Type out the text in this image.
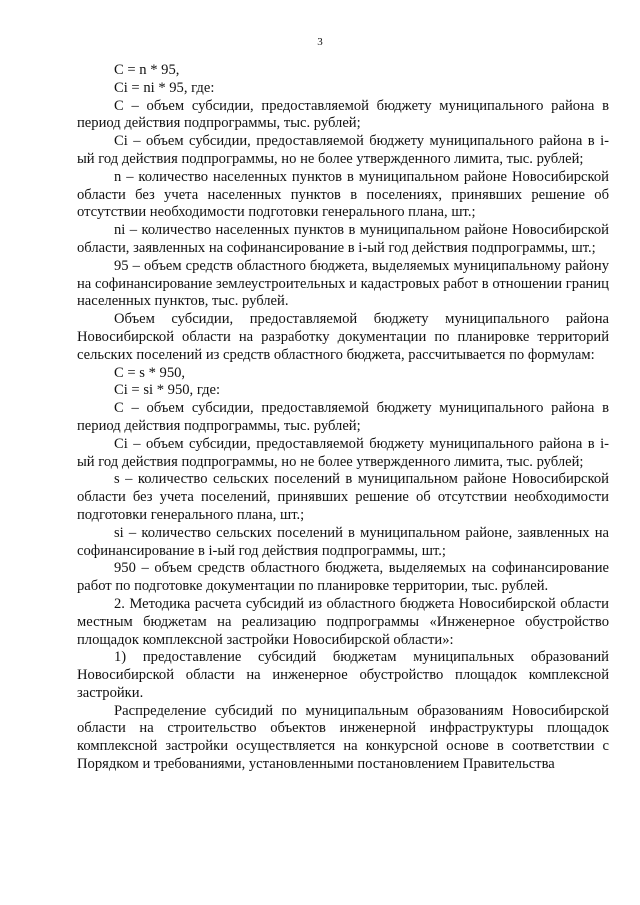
3

C = n * 95,

Ci = ni * 95, где:

C – объем субсидии, предоставляемой бюджету муниципального района в период действия подпрограммы, тыс. рублей;

Ci – объем субсидии, предоставляемой бюджету муниципального района в i-ый год действия подпрограммы, но не более утвержденного лимита, тыс. рублей;

n – количество населенных пунктов в муниципальном районе Новосибирской области без учета населенных пунктов в поселениях, принявших решение об отсутствии необходимости подготовки генерального плана, шт.;

ni – количество населенных пунктов в муниципальном районе Новосибирской области, заявленных на софинансирование в i-ый год действия подпрограммы, шт.;

95 – объем средств областного бюджета, выделяемых муниципальному району на софинансирование землеустроительных и кадастровых работ в отношении границ населенных пунктов, тыс. рублей.

Объем субсидии, предоставляемой бюджету муниципального района Новосибирской области на разработку документации по планировке территорий сельских поселений из средств областного бюджета, рассчитывается по формулам:

C = s * 950,

Ci = si * 950, где:

C – объем субсидии, предоставляемой бюджету муниципального района в период действия подпрограммы, тыс. рублей;

Ci – объем субсидии, предоставляемой бюджету муниципального района в i-ый год действия подпрограммы, но не более утвержденного лимита, тыс. рублей;

s – количество сельских поселений в муниципальном районе Новосибирской области без учета поселений, принявших решение об отсутствии необходимости подготовки генерального плана, шт.;

si – количество сельских поселений в муниципальном районе, заявленных на софинансирование в i-ый год действия подпрограммы, шт.;

950 – объем средств областного бюджета, выделяемых на софинансирование работ по подготовке документации по планировке территории, тыс. рублей.

2. Методика расчета субсидий из областного бюджета Новосибирской области местным бюджетам на реализацию подпрограммы «Инженерное обустройство площадок комплексной застройки Новосибирской области»:

1) предоставление субсидий бюджетам муниципальных образований Новосибирской области на инженерное обустройство площадок комплексной застройки.

Распределение субсидий по муниципальным образованиям Новосибирской области на строительство объектов инженерной инфраструктуры площадок комплексной застройки осуществляется на конкурсной основе в соответствии с Порядком и требованиями, установленными постановлением Правительства
